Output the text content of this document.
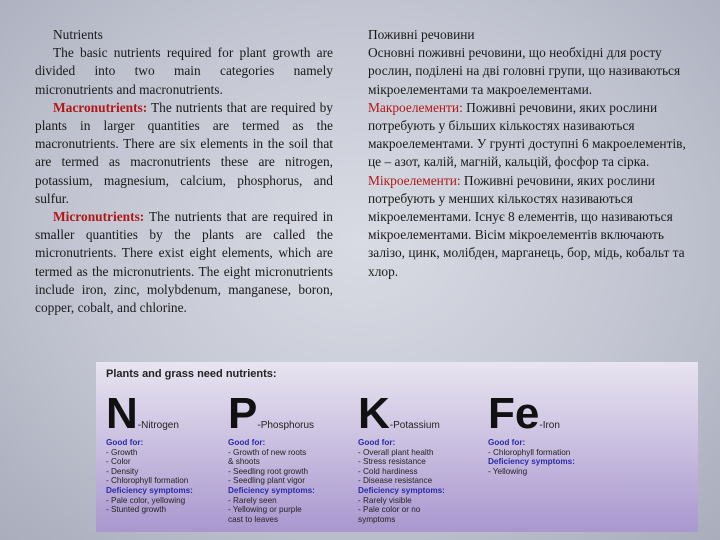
Nutrients

The basic nutrients required for plant growth are divided into two main categories namely micronutrients and macronutrients.

Macronutrients: The nutrients that are required by plants in larger quantities are termed as the macronutrients. There are six elements in the soil that are termed as macronutrients these are nitrogen, potassium, magnesium, calcium, phosphorus, and sulfur.

Micronutrients: The nutrients that are required in smaller quantities by the plants are called the micronutrients. There exist eight elements, which are termed as the micronutrients. The eight micronutrients include iron, zinc, molybdenum, manganese, boron, copper, cobalt, and chlorine.

Поживні речовини

Основні поживні речовини, що необхідні для росту рослин, поділені на дві головні групи, що називаються мікроелементами та макроелементами.

Макроелементи: Поживні речовини, яких рослини потребують у більших кількостях називаються макроелементами. У грунті доступні 6 макроелементів, це – азот, калій, магній, кальцій, фосфор та сірка.

Мікроелементи: Поживні речовини, яких рослини потребують у менших кількостях називаються мікроелементами. Існує 8 елементів, що називаються мікроелементами. Вісім мікроелементів включають залізо, цинк, молібден, марганець, бор, мідь, кобальт та хлор.

Plants and grass need nutrients:
N-Nitrogen
Good for:
- Growth
- Color
- Density
- Chlorophyll formation
Deficiency symptoms:
- Pale color, yellowing
- Stunted growth
P-Phosphorus
Good for:
- Growth of new roots
& shoots
- Seedling root growth
- Seedling plant vigor
Deficiency symptoms:
- Rarely seen
- Yellowing or purple
cast to leaves
K-Potassium
Good for:
- Overall plant health
- Stress resistance
- Cold hardiness
- Disease resistance
Deficiency symptoms:
- Rarely visible
- Pale color or no
symptoms
Fe-Iron
Good for:
- Chlorophyll formation
Deficiency symptoms:
- Yellowing
